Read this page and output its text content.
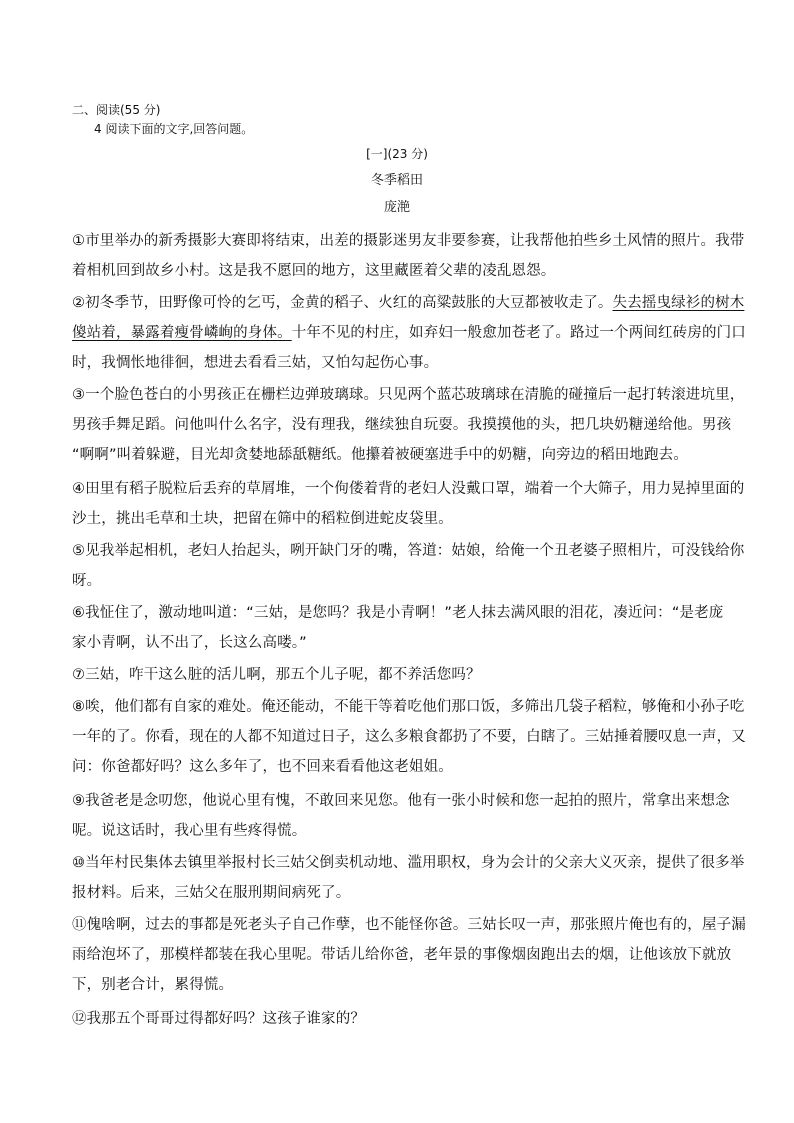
二、阅读(55 分)
4 阅读下面的文字,回答问题。
[一](23 分)
冬季稻田
庞滟
①市里举办的新秀摄影大赛即将结束，出差的摄影迷男友非要参赛，让我帮他拍些乡土风情的照片。我带
着相机回到故乡小村。这是我不愿回的地方，这里藏匿着父辈的凌乱恩怨。
②初冬季节，田野像可怜的乞丐，金黄的稻子、火红的高粱鼓胀的大豆都被收走了。失去摇曳绿衫的树木
傻站着，暴露着瘦骨嶙峋的身体。十年不见的村庄，如弃妇一般愈加苍老了。路过一个两间红砖房的门口
时，我惆怅地徘徊，想进去看看三姑，又怕勾起伤心事。
③一个脸色苍白的小男孩正在栅栏边弹玻璃球。只见两个蓝芯玻璃球在清脆的碰撞后一起打转滚进坑里，
男孩手舞足蹈。问他叫什么名字，没有理我，继续独自玩耍。我摸摸他的头，把几块奶糖递给他。男孩
“啊啊”叫着躲避，目光却贪婪地舔舐糖纸。他攥着被硬塞进手中的奶糖，向旁边的稻田地跑去。
④田里有稻子脱粒后丢弃的草屑堆，一个佝偻着背的老妇人没戴口罩，端着一个大筛子，用力晃掉里面的
沙土，挑出毛草和土块，把留在筛中的稻粒倒进蛇皮袋里。
⑤见我举起相机，老妇人抬起头，咧开缺门牙的嘴，答道：姑娘，给俺一个丑老婆子照相片，可没钱给你
呀。
⑥我怔住了，激动地叫道：“三姑，是您吗？我是小青啊！”老人抹去满风眼的泪花，凑近问：“是老庞
家小青啊，认不出了，长这么高喽。”
⑦三姑，咋干这么脏的活儿啊，那五个儿子呢，都不养活您吗？
⑧唉，他们都有自家的难处。俺还能动，不能干等着吃他们那口饭，多筛出几袋子稻粒，够俺和小孙子吃
一年的了。你看，现在的人都不知道过日子，这么多粮食都扔了不要，白瞎了。三姑捶着腰叹息一声，又
问：你爸都好吗？这么多年了，也不回来看看他这老姐姐。
⑨我爸老是念叨您，他说心里有愧，不敢回来见您。他有一张小时候和您一起拍的照片，常拿出来想念
呢。说这话时，我心里有些疼得慌。
⑩当年村民集体去镇里举报村长三姑父倒卖机动地、滥用职权，身为会计的父亲大义灭亲，提供了很多举
报材料。后来，三姑父在服刑期间病死了。
⑪傀啥啊，过去的事都是死老头子自己作孽，也不能怪你爸。三姑长叹一声，那张照片俺也有的，屋子漏
雨给泡坏了，那模样都装在我心里呢。带话儿给你爸，老年景的事像烟囱跑出去的烟，让他该放下就放
下，别老合计，累得慌。
⑫我那五个哥哥过得都好吗？这孩子谁家的？
